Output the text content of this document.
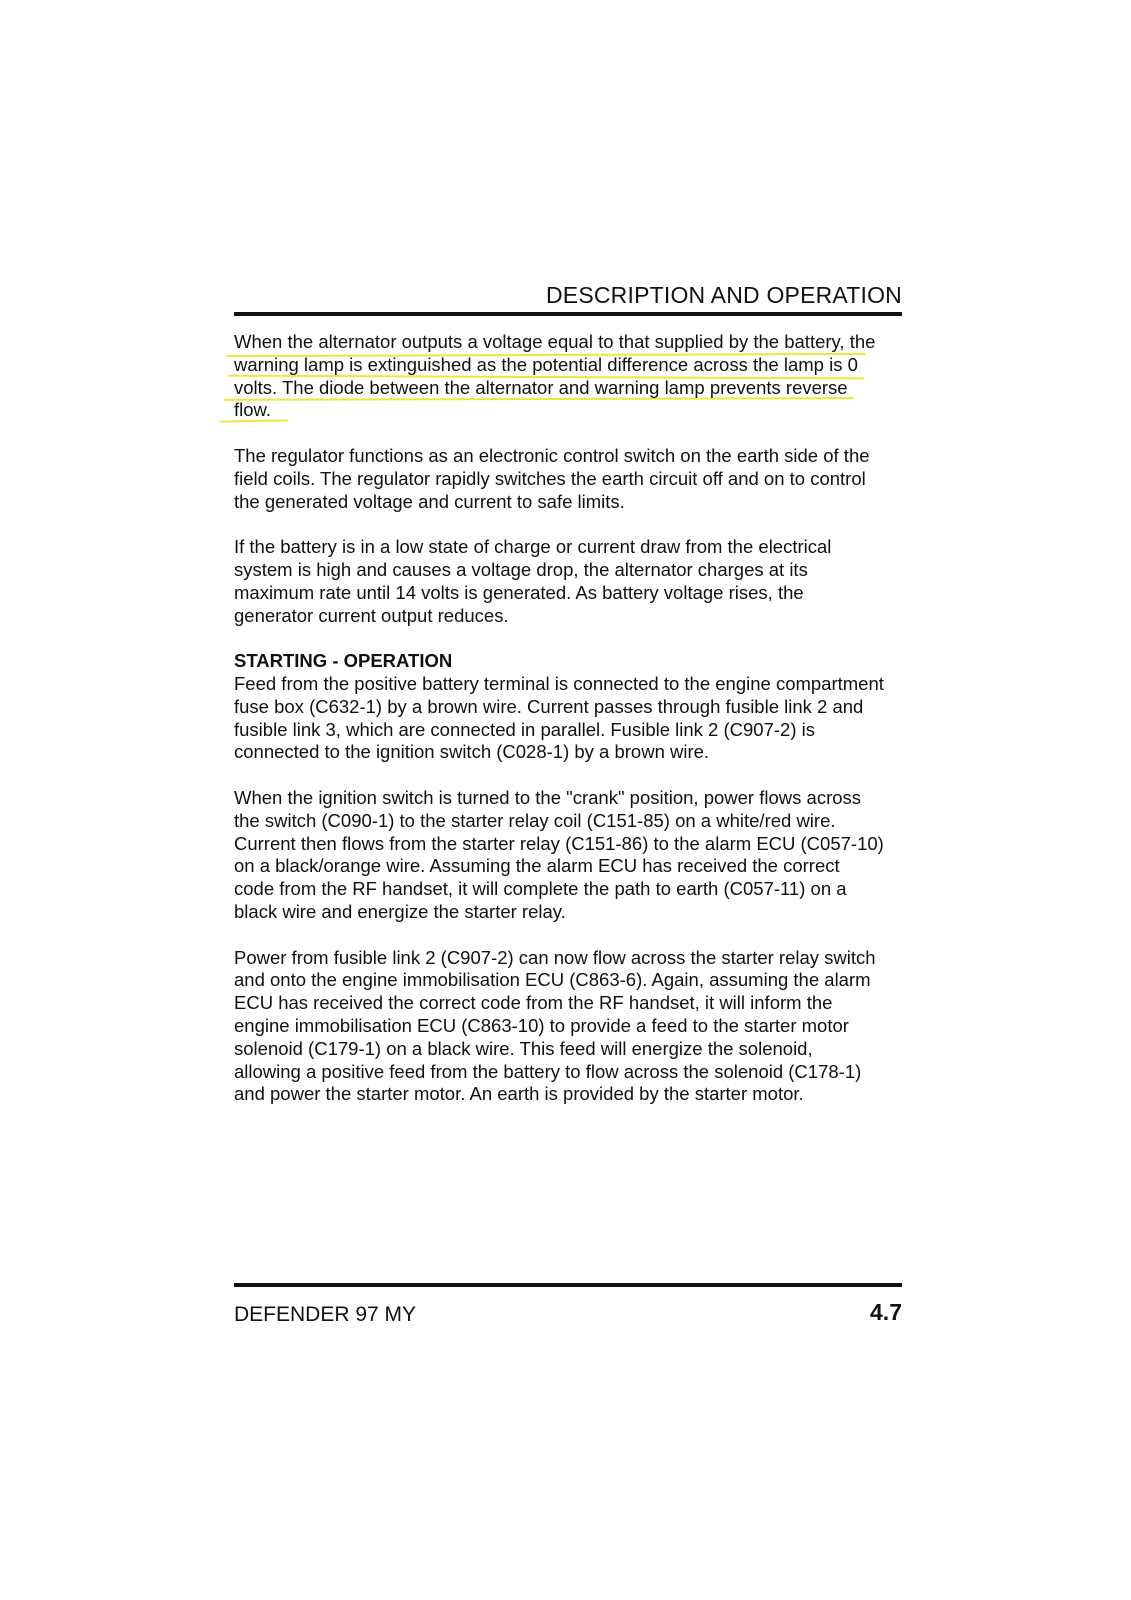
DESCRIPTION AND OPERATION
When the alternator outputs a voltage equal to that supplied by the battery, the
warning lamp is extinguished as the potential difference across the lamp is 0
volts. The diode between the alternator and warning lamp prevents reverse
flow.
The regulator functions as an electronic control switch on the earth side of the
field coils. The regulator rapidly switches the earth circuit off and on to control
the generated voltage and current to safe limits.
If the battery is in a low state of charge or current draw from the electrical
system is high and causes a voltage drop, the alternator charges at its
maximum rate until 14 volts is generated. As battery voltage rises, the
generator current output reduces.
STARTING - OPERATION
Feed from the positive battery terminal is connected to the engine compartment
fuse box (C632-1) by a brown wire. Current passes through fusible link 2 and
fusible link 3, which are connected in parallel. Fusible link 2 (C907-2) is
connected to the ignition switch (C028-1) by a brown wire.
When the ignition switch is turned to the "crank" position, power flows across
the switch (C090-1) to the starter relay coil (C151-85) on a white/red wire.
Current then flows from the starter relay (C151-86) to the alarm ECU (C057-10)
on a black/orange wire. Assuming the alarm ECU has received the correct
code from the RF handset, it will complete the path to earth (C057-11) on a
black wire and energize the starter relay.
Power from fusible link 2 (C907-2) can now flow across the starter relay switch
and onto the engine immobilisation ECU (C863-6). Again, assuming the alarm
ECU has received the correct code from the RF handset, it will inform the
engine immobilisation ECU (C863-10) to provide a feed to the starter motor
solenoid (C179-1) on a black wire. This feed will energize the solenoid,
allowing a positive feed from the battery to flow across the solenoid (C178-1)
and power the starter motor. An earth is provided by the starter motor.
DEFENDER 97 MY	4.7
